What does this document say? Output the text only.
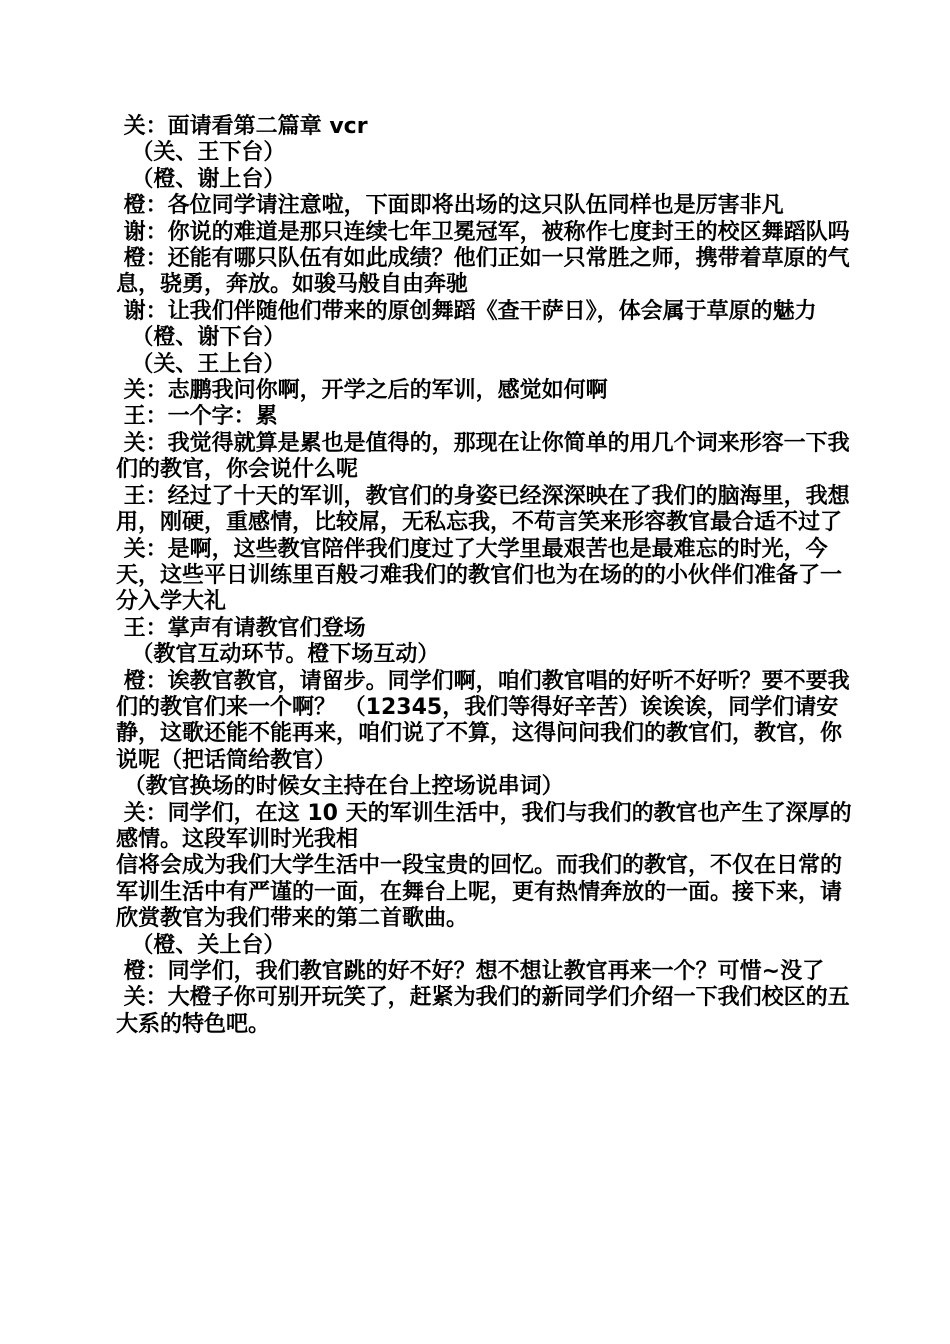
关：面请看第二篇章 vcr
（关、王下台）
（橙、谢上台）
橙：各位同学请注意啦，下面即将出场的这只队伍同样也是厉害非凡
谢：你说的难道是那只连续七年卫冕冠军，被称作七度封王的校区舞蹈队吗
橙：还能有哪只队伍有如此成绩？他们正如一只常胜之师，携带着草原的气息，骁勇，奔放。如骏马般自由奔驰
谢：让我们伴随他们带来的原创舞蹈《查干萨日》，体会属于草原的魅力
（橙、谢下台）
（关、王上台）
关：志鹏我问你啊，开学之后的军训，感觉如何啊
王：一个字：累
关：我觉得就算是累也是值得的，那现在让你简单的用几个词来形容一下我们的教官，你会说什么呢
王：经过了十天的军训，教官们的身姿已经深深映在了我们的脑海里，我想用，刚硬，重感情，比较屌，无私忘我，不苟言笑来形容教官最合适不过了
关：是啊，这些教官陪伴我们度过了大学里最艰苦也是最难忘的时光，今天，这些平日训练里百般刁难我们的教官们也为在场的的小伙伴们准备了一分入学大礼
王：掌声有请教官们登场
（教官互动环节。橙下场互动）
橙：诶教官教官，请留步。同学们啊，咱们教官唱的好听不好听？要不要我们的教官们来一个啊？ （12345，我们等得好辛苦）诶诶诶，同学们请安静，这歌还能不能再来，咱们说了不算，这得问问我们的教官们，教官，你说呢（把话筒给教官）
（教官换场的时候女主持在台上控场说串词）
关：同学们，在这 10 天的军训生活中，我们与我们的教官也产生了深厚的感情。这段军训时光我相
信将会成为我们大学生活中一段宝贵的回忆。而我们的教官，不仅在日常的军训生活中有严谨的一面，在舞台上呢，更有热情奔放的一面。接下来，请欣赏教官为我们带来的第二首歌曲。
（橙、关上台）
橙：同学们，我们教官跳的好不好？想不想让教官再来一个？可惜~没了
关：大橙子你可别开玩笑了，赶紧为我们的新同学们介绍一下我们校区的五大系的特色吧。
